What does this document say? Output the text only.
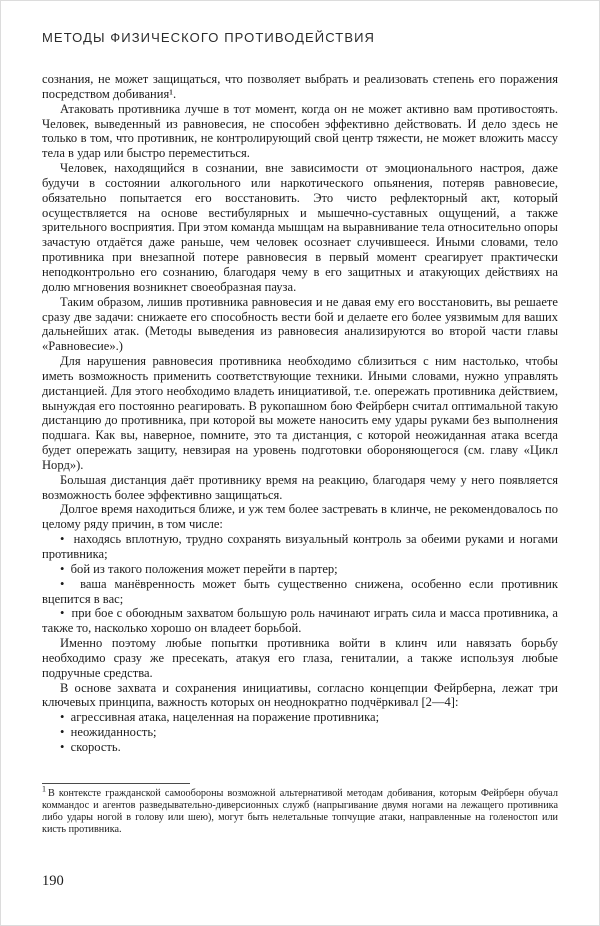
МЕТОДЫ ФИЗИЧЕСКОГО ПРОТИВОДЕЙСТВИЯ

сознания, не может защищаться, что позволяет выбрать и реализовать степень его поражения посредством добивания¹.

Атаковать противника лучше в тот момент, когда он не может активно вам противостоять. Человек, выведенный из равновесия, не способен эффективно действовать. И дело здесь не только в том, что противник, не контролирующий свой центр тяжести, не может вложить массу тела в удар или быстро переместиться.

Человек, находящийся в сознании, вне зависимости от эмоционального настроя, даже будучи в состоянии алкогольного или наркотического опьянения, потеряв равновесие, обязательно попытается его восстановить. Это чисто рефлекторный акт, который осуществляется на основе вестибулярных и мышечно-суставных ощущений, а также зрительного восприятия. При этом команда мышцам на выравнивание тела относительно опоры зачастую отдаётся даже раньше, чем человек осознает случившееся. Иными словами, тело противника при внезапной потере равновесия в первый момент среагирует практически неподконтрольно его сознанию, благодаря чему в его защитных и атакующих действиях на долю мгновения возникнет своеобразная пауза.

Таким образом, лишив противника равновесия и не давая ему его восстановить, вы решаете сразу две задачи: снижаете его способность вести бой и делаете его более уязвимым для ваших дальнейших атак. (Методы выведения из равновесия анализируются во второй части главы «Равновесие».)

Для нарушения равновесия противника необходимо сблизиться с ним настолько, чтобы иметь возможность применить соответствующие техники. Иными словами, нужно управлять дистанцией. Для этого необходимо владеть инициативой, т.е. опережать противника действием, вынуждая его постоянно реагировать. В рукопашном бою Фейрберн считал оптимальной такую дистанцию до противника, при которой вы можете наносить ему удары руками без выполнения подшага. Как вы, наверное, помните, это та дистанция, с которой неожиданная атака всегда будет опережать защиту, невзирая на уровень подготовки обороняющегося (см. главу «Цикл Норд»).

Большая дистанция даёт противнику время на реакцию, благодаря чему у него появляется возможность более эффективно защищаться.

Долгое время находиться ближе, и уж тем более застревать в клинче, не рекомендовалось по целому ряду причин, в том числе:

•  находясь вплотную, трудно сохранять визуальный контроль за обеими руками и ногами противника;

•  бой из такого положения может перейти в партер;

•  ваша манёвренность может быть существенно снижена, особенно если противник вцепится в вас;

•  при бое с обоюдным захватом большую роль начинают играть сила и масса противника, а также то, насколько хорошо он владеет борьбой.

Именно поэтому любые попытки противника войти в клинч или навязать борьбу необходимо сразу же пресекать, атакуя его глаза, гениталии, а также используя любые подручные средства.

В основе захвата и сохранения инициативы, согласно концепции Фейрберна, лежат три ключевых принципа, важность которых он неоднократно подчёркивал [2—4]:

•  агрессивная атака, нацеленная на поражение противника;

•  неожиданность;

•  скорость.

$^1$ В контексте гражданской самообороны возможной альтернативой методам добивания, которым Фейрберн обучал коммандос и агентов разведывательно-диверсионных служб (напрыгивание двумя ногами на лежащего противника либо удары ногой в голову или шею), могут быть нелетальные топчущие атаки, направленные на голеностоп или кисть противника.
190
